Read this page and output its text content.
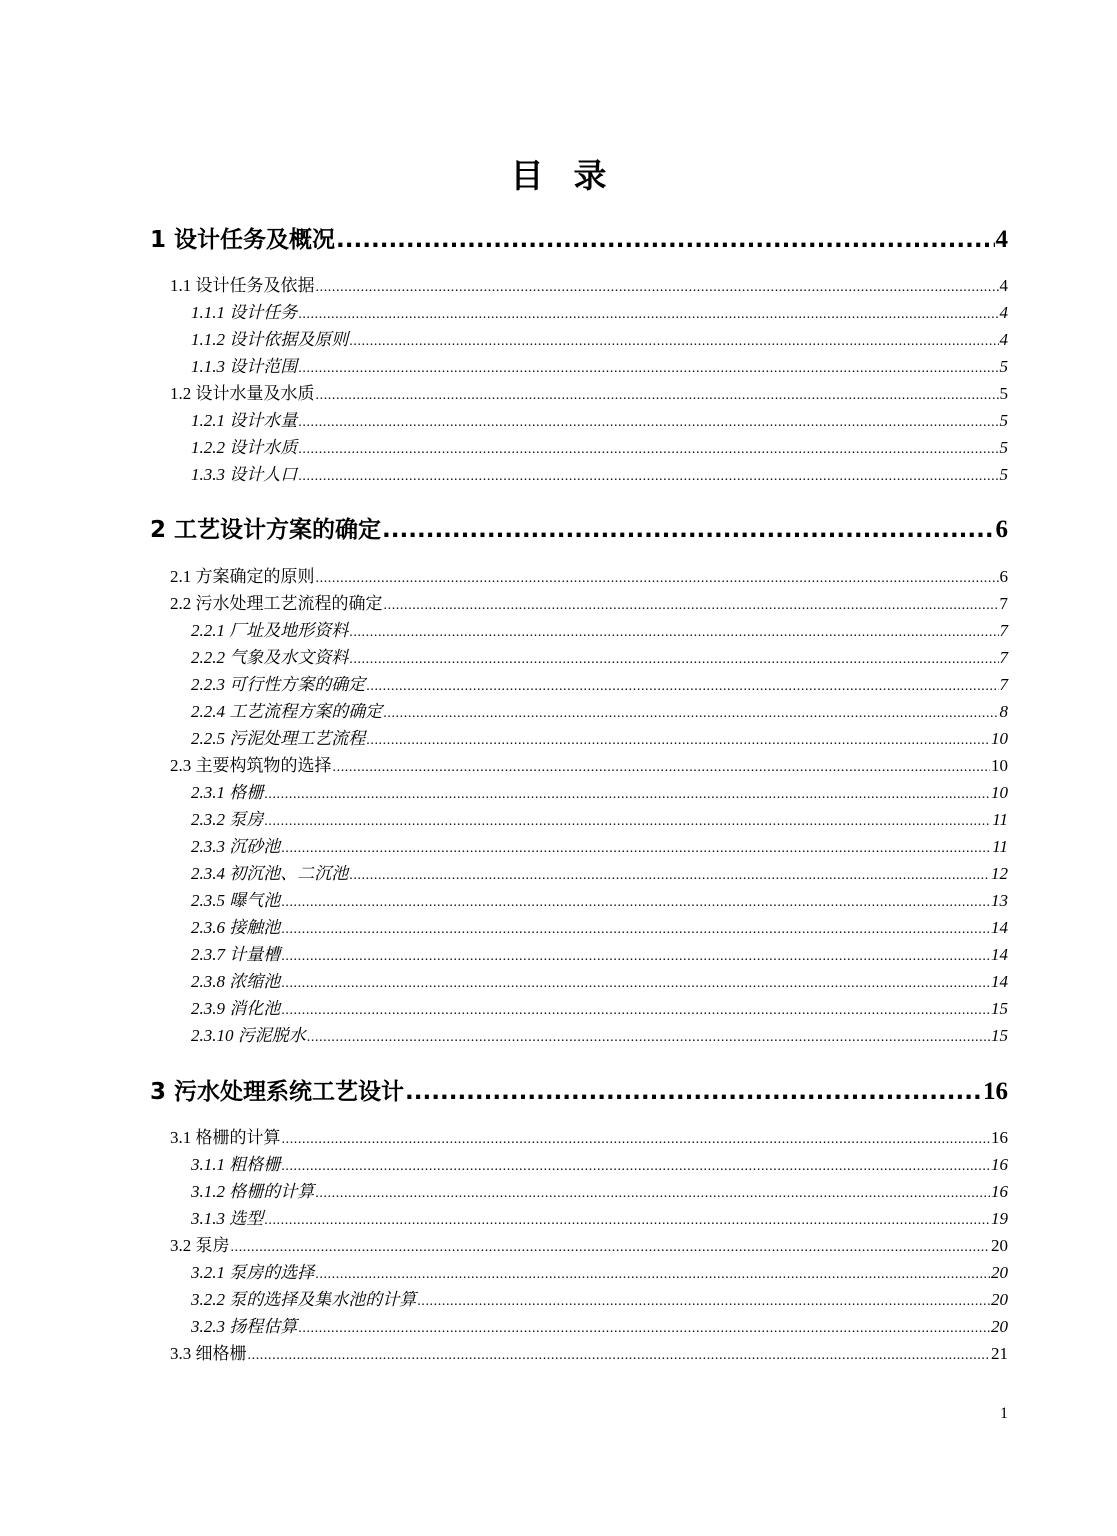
目 录
1 设计任务及概况 .....	4
1.1 设计任务及依据 .....	4
1.1.1 设计任务 .....	4
1.1.2 设计依据及原则 .....	4
1.1.3 设计范围 .....	5
1.2 设计水量及水质 .....	5
1.2.1 设计水量 .....	5
1.2.2 设计水质 .....	5
1.3.3 设计人口 .....	5
2 工艺设计方案的确定 .....	6
2.1 方案确定的原则 .....	6
2.2 污水处理工艺流程的确定 .....	7
2.2.1 厂址及地形资料 .....	7
2.2.2 气象及水文资料 .....	7
2.2.3 可行性方案的确定 .....	7
2.2.4 工艺流程方案的确定 .....	8
2.2.5 污泥处理工艺流程 .....	10
2.3 主要构筑物的选择 .....	10
2.3.1 格栅 .....	10
2.3.2 泵房 .....	11
2.3.3 沉砂池 .....	11
2.3.4 初沉池、二沉池 .....	12
2.3.5 曝气池 .....	13
2.3.6 接触池 .....	14
2.3.7 计量槽 .....	14
2.3.8 浓缩池 .....	14
2.3.9 消化池 .....	15
2.3.10 污泥脱水 .....	15
3 污水处理系统工艺设计 .....	16
3.1 格栅的计算 .....	16
3.1.1 粗格栅 .....	16
3.1.2 格栅的计算 .....	16
3.1.3 选型 .....	19
3.2 泵房 .....	20
3.2.1 泵房的选择 .....	20
3.2.2 泵的选择及集水池的计算 .....	20
3.2.3 扬程估算 .....	20
3.3 细格栅 .....	21
1
